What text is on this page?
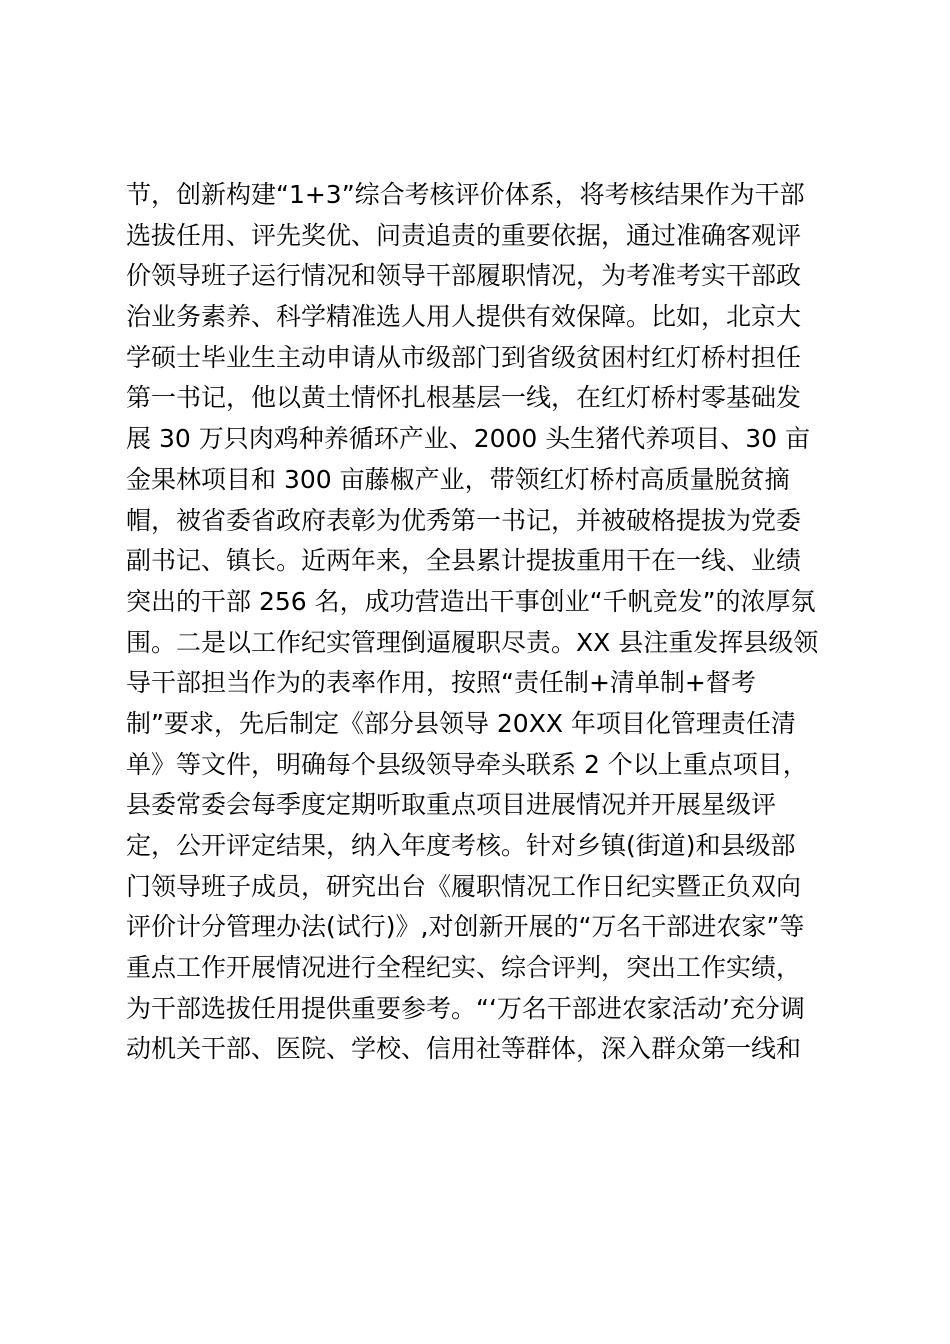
节，创新构建“1+3”综合考核评价体系，将考核结果作为干部
选拔任用、评先奖优、问责追责的重要依据，通过准确客观评
价领导班子运行情况和领导干部履职情况，为考准考实干部政
治业务素养、科学精准选人用人提供有效保障。比如，北京大
学硕士毕业生主动申请从市级部门到省级贫困村红灯桥村担任
第一书记，他以黄土情怀扎根基层一线，在红灯桥村零基础发
展 30 万只肉鸡种养循环产业、2000 头生猪代养项目、30 亩
金果林项目和 300 亩藤椒产业，带领红灯桥村高质量脱贫摘
帽，被省委省政府表彰为优秀第一书记，并被破格提拔为党委
副书记、镇长。近两年来，全县累计提拔重用干在一线、业绩
突出的干部 256 名，成功营造出干事创业“千帆竞发”的浓厚氛
围。二是以工作纪实管理倒逼履职尽责。XX 县注重发挥县级领
导干部担当作为的表率作用，按照“责任制+清单制+督考
制”要求，先后制定《部分县领导 20XX 年项目化管理责任清
单》等文件，明确每个县级领导牵头联系 2 个以上重点项目，
县委常委会每季度定期听取重点项目进展情况并开展星级评
定，公开评定结果，纳入年度考核。针对乡镇(街道)和县级部
门领导班子成员，研究出台《履职情况工作日纪实暨正负双向
评价计分管理办法(试行)》,对创新开展的“万名干部进农家”等
重点工作开展情况进行全程纪实、综合评判，突出工作实绩，
为干部选拔任用提供重要参考。“‘万名干部进农家活动’充分调
动机关干部、医院、学校、信用社等群体，深入群众第一线和
